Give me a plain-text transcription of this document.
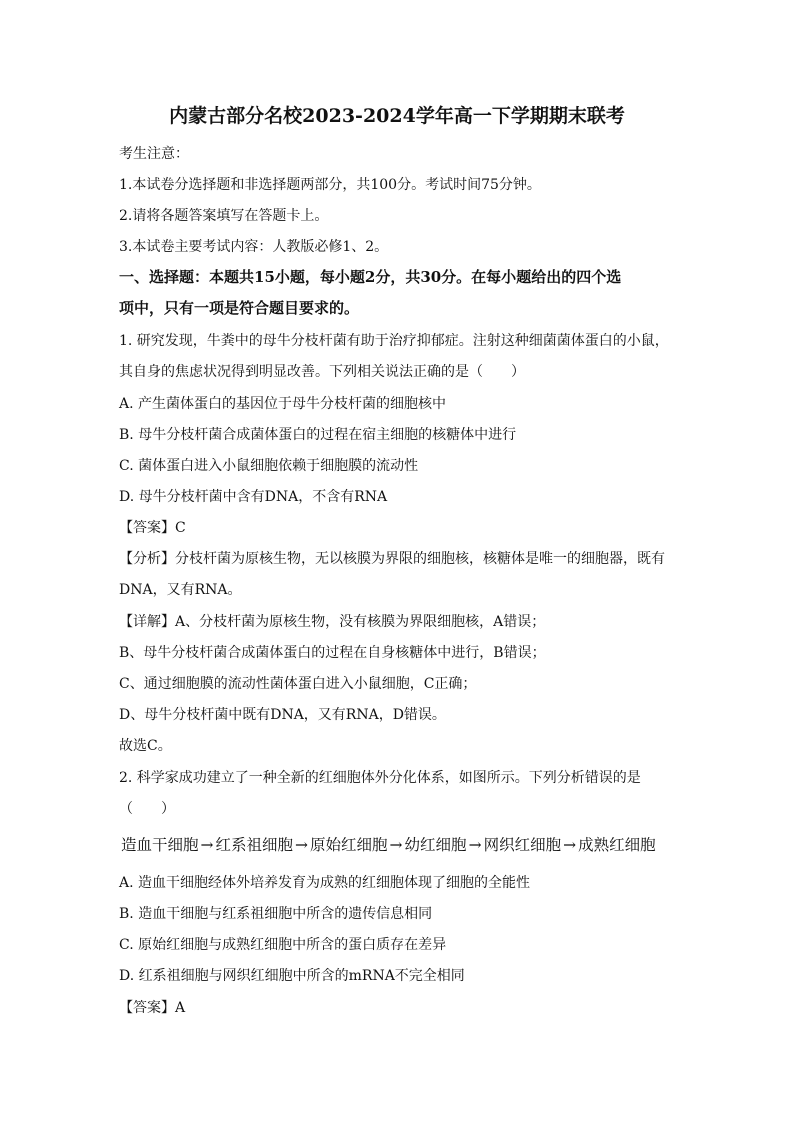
内蒙古部分名校2023-2024学年高一下学期期末联考
考生注意：
1.本试卷分选择题和非选择题两部分，共100分。考试时间75分钟。
2.请将各题答案填写在答题卡上。
3.本试卷主要考试内容：人教版必修1、2。
一、选择题：本题共15小题，每小题2分，共30分。在每小题给出的四个选
项中，只有一项是符合题目要求的。
1. 研究发现，牛粪中的母牛分枝杆菌有助于治疗抑郁症。注射这种细菌菌体蛋白的小鼠，
其自身的焦虑状况得到明显改善。下列相关说法正确的是（　　）
A. 产生菌体蛋白的基因位于母牛分枝杆菌的细胞核中
B. 母牛分枝杆菌合成菌体蛋白的过程在宿主细胞的核糖体中进行
C. 菌体蛋白进入小鼠细胞依赖于细胞膜的流动性
D. 母牛分枝杆菌中含有DNA，不含有RNA
【答案】C
【分析】分枝杆菌为原核生物，无以核膜为界限的细胞核，核糖体是唯一的细胞器，既有
DNA，又有RNA。
【详解】A、分枝杆菌为原核生物，没有核膜为界限细胞核，A错误；
B、母牛分枝杆菌合成菌体蛋白的过程在自身核糖体中进行，B错误；
C、通过细胞膜的流动性菌体蛋白进入小鼠细胞，C正确；
D、母牛分枝杆菌中既有DNA，又有RNA，D错误。
故选C。
2. 科学家成功建立了一种全新的红细胞体外分化体系，如图所示。下列分析错误的是
（　　）
造血干细胞 → 红系祖细胞 → 原始红细胞 → 幼红细胞 → 网织红细胞 → 成熟红细胞
A. 造血干细胞经体外培养发育为成熟的红细胞体现了细胞的全能性
B. 造血干细胞与红系祖细胞中所含的遗传信息相同
C. 原始红细胞与成熟红细胞中所含的蛋白质存在差异
D. 红系祖细胞与网织红细胞中所含的mRNA不完全相同
【答案】A
